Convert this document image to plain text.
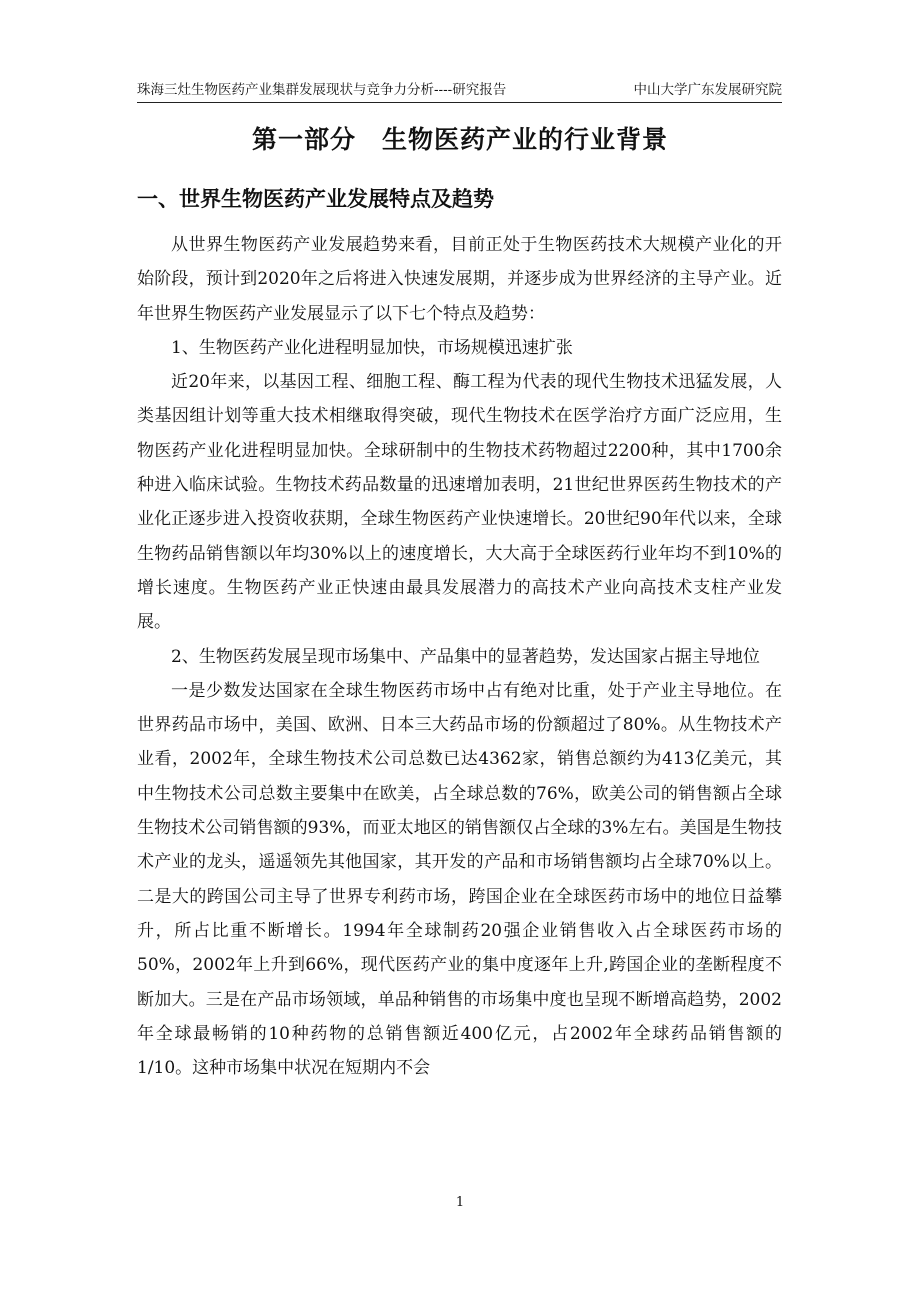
珠海三灶生物医药产业集群发展现状与竞争力分析----研究报告	中山大学广东发展研究院
第一部分　生物医药产业的行业背景
一、世界生物医药产业发展特点及趋势

从世界生物医药产业发展趋势来看，目前正处于生物医药技术大规模产业化的开始阶段，预计到2020年之后将进入快速发展期，并逐步成为世界经济的主导产业。近年世界生物医药产业发展显示了以下七个特点及趋势：

1、生物医药产业化进程明显加快，市场规模迅速扩张

近20年来，以基因工程、细胞工程、酶工程为代表的现代生物技术迅猛发展，人类基因组计划等重大技术相继取得突破，现代生物技术在医学治疗方面广泛应用，生物医药产业化进程明显加快。全球研制中的生物技术药物超过2200种，其中1700余种进入临床试验。生物技术药品数量的迅速增加表明，21世纪世界医药生物技术的产业化正逐步进入投资收获期，全球生物医药产业快速增长。20世纪90年代以来，全球生物药品销售额以年均30%以上的速度增长，大大高于全球医药行业年均不到10%的增长速度。生物医药产业正快速由最具发展潜力的高技术产业向高技术支柱产业发展。

2、生物医药发展呈现市场集中、产品集中的显著趋势，发达国家占据主导地位

一是少数发达国家在全球生物医药市场中占有绝对比重，处于产业主导地位。在世界药品市场中，美国、欧洲、日本三大药品市场的份额超过了80%。从生物技术产业看，2002年，全球生物技术公司总数已达4362家，销售总额约为413亿美元，其中生物技术公司总数主要集中在欧美，占全球总数的76%，欧美公司的销售额占全球生物技术公司销售额的93%，而亚太地区的销售额仅占全球的3%左右。美国是生物技术产业的龙头，遥遥领先其他国家，其开发的产品和市场销售额均占全球70%以上。二是大的跨国公司主导了世界专利药市场，跨国企业在全球医药市场中的地位日益攀升，所占比重不断增长。1994年全球制药20强企业销售收入占全球医药市场的50%，2002年上升到66%，现代医药产业的集中度逐年上升,跨国企业的垄断程度不断加大。三是在产品市场领域，单品种销售的市场集中度也呈现不断增高趋势，2002年全球最畅销的10种药物的总销售额近400亿元，占2002年全球药品销售额的1/10。这种市场集中状况在短期内不会

1
